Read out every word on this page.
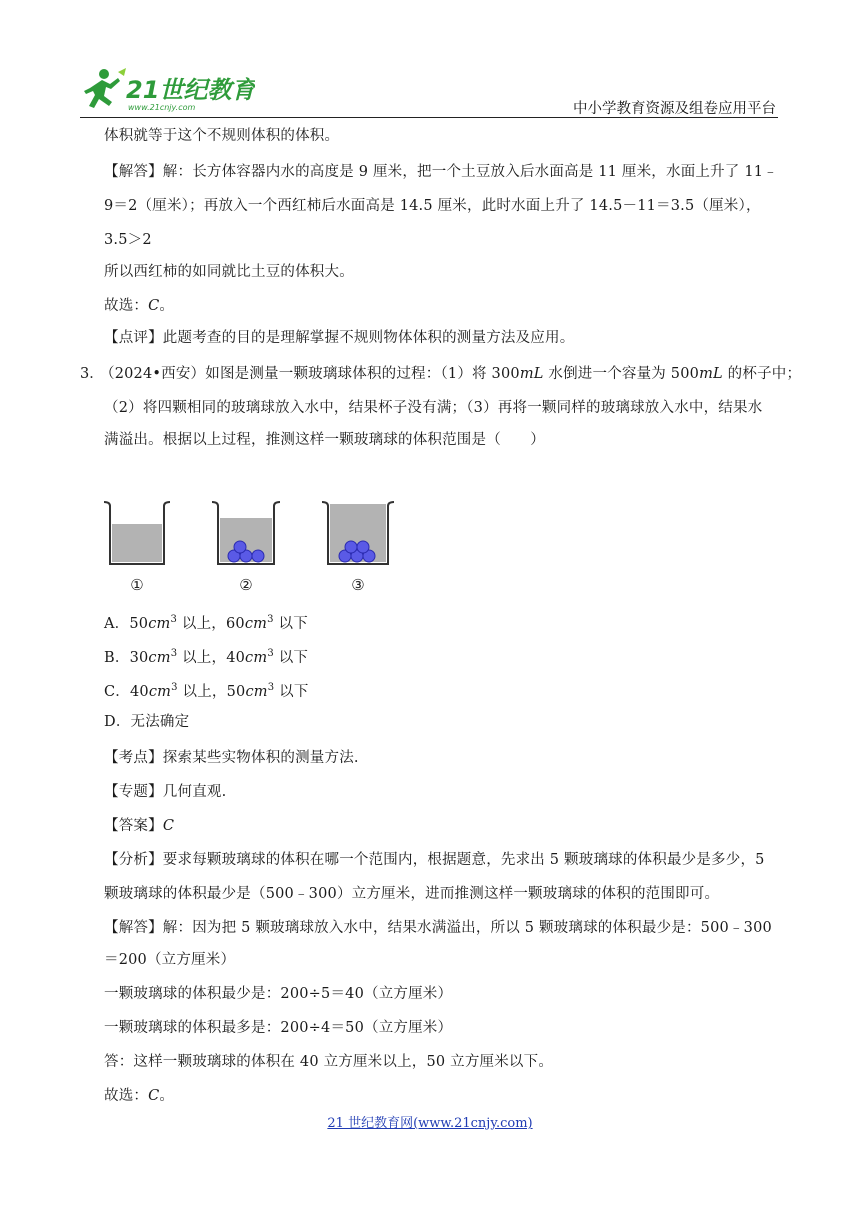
21世纪教育
www.21cnjy.com	中小学教育资源及组卷应用平台
体积就等于这个不规则体积的体积。
【解答】解：长方体容器内水的高度是 9 厘米，把一个土豆放入后水面高是 11 厘米，水面上升了 11﹣
9＝2（厘米）；再放入一个西红柿后水面高是 14.5 厘米，此时水面上升了 14.5－11＝3.5（厘米），
3.5＞2
所以西红柿的如同就比土豆的体积大。
故选：C。
【点评】此题考查的目的是理解掌握不规则物体体积的测量方法及应用。
3．
（2024•西安）如图是测量一颗玻璃球体积的过程：（1）将 300mL 水倒进一个容量为 500mL 的杯子中；
（2）将四颗相同的玻璃球放入水中，结果杯子没有满；（3）再将一颗同样的玻璃球放入水中，结果水
满溢出。根据以上过程，推测这样一颗玻璃球的体积范围是（　　）
①	②	③
A．$50cm^3$ 以上，$60cm^3$ 以下
B．$30cm^3$ 以上，$40cm^3$ 以下
C．$40cm^3$ 以上，$50cm^3$ 以下
D．无法确定
【考点】探索某些实物体积的测量方法.
【专题】几何直观.
【答案】C
【分析】要求每颗玻璃球的体积在哪一个范围内，根据题意，先求出 5 颗玻璃球的体积最少是多少，5
颗玻璃球的体积最少是（500﹣300）立方厘米，进而推测这样一颗玻璃球的体积的范围即可。
【解答】解：因为把 5 颗玻璃球放入水中，结果水满溢出，所以 5 颗玻璃球的体积最少是：500﹣300
＝200（立方厘米）
一颗玻璃球的体积最少是：200÷5＝40（立方厘米）
一颗玻璃球的体积最多是：200÷4＝50（立方厘米）
答：这样一颗玻璃球的体积在 40 立方厘米以上，50 立方厘米以下。
故选：C。
21 世纪教育网(www.21cnjy.com)
